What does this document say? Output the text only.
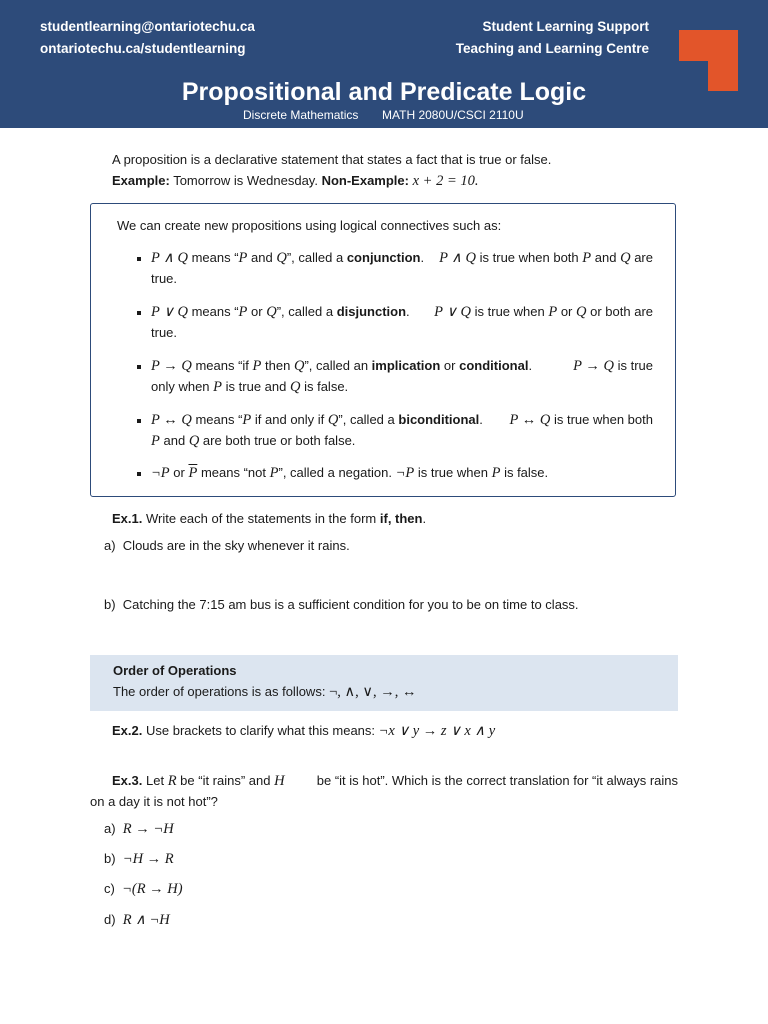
studentlearning@ontariotechu.ca
ontariotechu.ca/studentlearning
Student Learning Support
Teaching and Learning Centre
Propositional and Predicate Logic
Discrete Mathematics MATH 2080U/CSCI 2110U
A proposition is a declarative statement that states a fact that is true or false.
Example: Tomorrow is Wednesday. Non-Example: x + 2 = 10.
We can create new propositions using logical connectives such as:
P ∧ Q means “P and Q”, called a conjunction. P ∧ Q is true when both P and Q are
true.
P ∨ Q means “P or Q”, called a disjunction. P ∨ Q is true when P or Q or both are
true.
P → Q means “if P then Q”, called an implication or conditional.	P → Q is true
only when P is true and Q is false.
P ↔ Q means “P if and only if Q”, called a biconditional. P ↔ Q is true when both
P and Q are both true or both false.
¬P or $\overline{P}$ means “not P”, called a negation. ¬P is true when P is false.
Ex.1. Write each of the statements in the form if, then.
a) Clouds are in the sky whenever it rains.
b) Catching the 7:15 am bus is a sufficient condition for you to be on time to class.
Order of Operations
The order of operations is as follows: ¬, ∧, ∨, →, ↔
Ex.2. Use brackets to clarify what this means: ¬x ∨ y → z ∨ x ∧ y
Ex.3. Let R be “it rains” and H be “it is hot”. Which is the correct translation for “it always rains
on a day it is not hot”?
a) R → ¬H
b) ¬H → R
c) ¬(R → H)
d) R ∧ ¬H
